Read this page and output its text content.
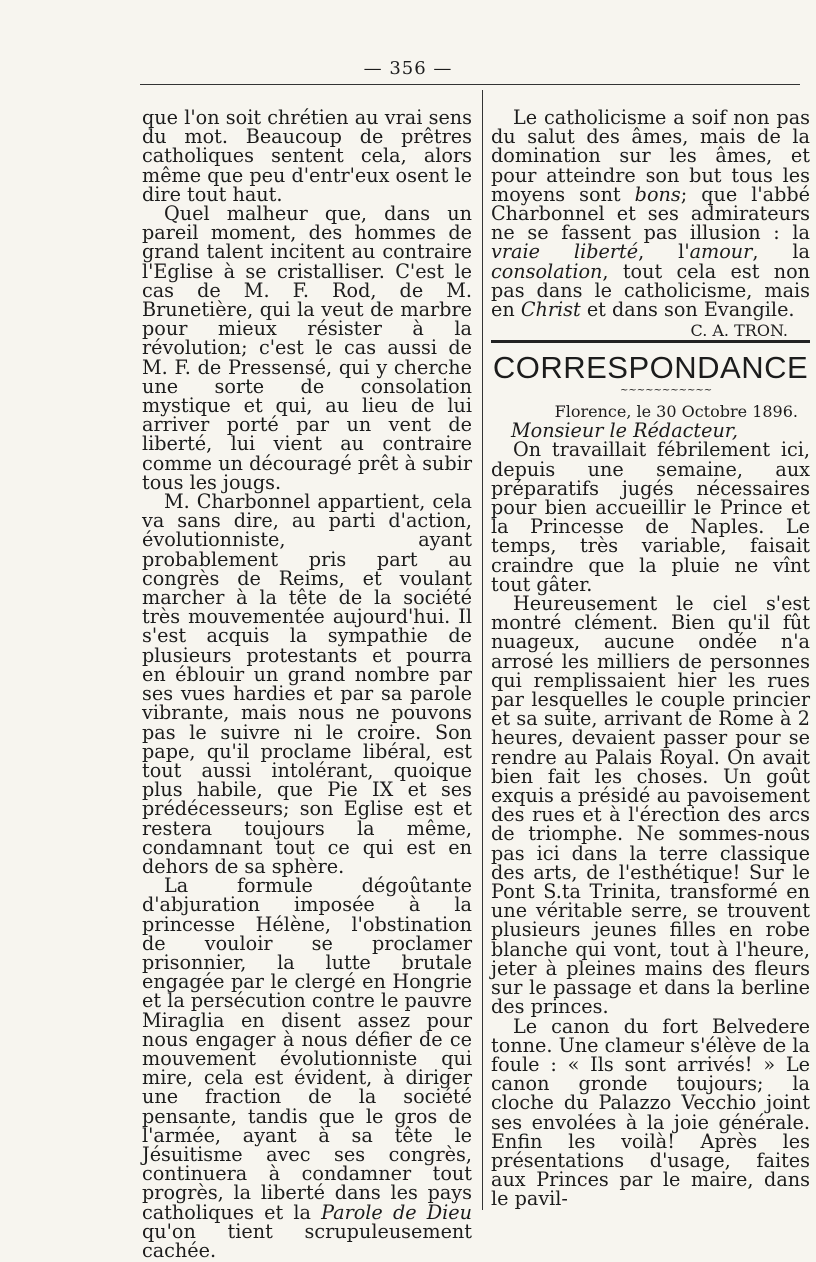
— 356 —

que l'on soit chrétien au vrai sens du mot. Beaucoup de prêtres catholiques sentent cela, alors même que peu d'entr'eux osent le dire tout haut.

Quel malheur que, dans un pareil moment, des hommes de grand talent incitent au contraire l'Eglise à se cristalliser. C'est le cas de M. F. Rod, de M. Brunetière, qui la veut de marbre pour mieux résister à la révolution; c'est le cas aussi de M. F. de Pressensé, qui y cherche une sorte de consolation mystique et qui, au lieu de lui arriver porté par un vent de liberté, lui vient au contraire comme un découragé prêt à subir tous les jougs.

M. Charbonnel appartient, cela va sans dire, au parti d'action, évolutionniste, ayant probablement pris part au congrès de Reims, et voulant marcher à la tête de la société très mouvementée aujourd'hui. Il s'est acquis la sympathie de plusieurs protestants et pourra en éblouir un grand nombre par ses vues hardies et par sa parole vibrante, mais nous ne pouvons pas le suivre ni le croire. Son pape, qu'il proclame libéral, est tout aussi intolérant, quoique plus habile, que Pie IX et ses prédécesseurs; son Eglise est et restera toujours la même, condamnant tout ce qui est en dehors de sa sphère.

La formule dégoûtante d'abjuration imposée à la princesse Hélène, l'obstination de vouloir se proclamer prisonnier, la lutte brutale engagée par le clergé en Hongrie et la persécution contre le pauvre Miraglia en disent assez pour nous engager à nous défier de ce mouvement évolutionniste qui mire, cela est évident, à diriger une fraction de la société pensante, tandis que le gros de l'armée, ayant à sa tête le Jésuitisme avec ses congrès, continuera à condamner tout progrès, la liberté dans les pays catholiques et la Parole de Dieu qu'on tient scrupuleusement cachée.

Le catholicisme a soif non pas du salut des âmes, mais de la domination sur les âmes, et pour atteindre son but tous les moyens sont bons; que l'abbé Charbonnel et ses admirateurs ne se fassent pas illusion : la vraie liberté, l'amour, la consolation, tout cela est non pas dans le catholicisme, mais en Christ et dans son Evangile.

C. A. TRON.

CORRESPONDANCE
~~~~~~~~~~~

Florence, le 30 Octobre 1896.

Monsieur le Rédacteur,

On travaillait fébrilement ici, depuis une semaine, aux préparatifs jugés nécessaires pour bien accueillir le Prince et la Princesse de Naples. Le temps, très variable, faisait craindre que la pluie ne vînt tout gâter.

Heureusement le ciel s'est montré clément. Bien qu'il fût nuageux, aucune ondée n'a arrosé les milliers de personnes qui remplissaient hier les rues par lesquelles le couple princier et sa suite, arrivant de Rome à 2 heures, devaient passer pour se rendre au Palais Royal. On avait bien fait les choses. Un goût exquis a présidé au pavoisement des rues et à l'érection des arcs de triomphe. Ne sommes-nous pas ici dans la terre classique des arts, de l'esthétique! Sur le Pont S.ta Trinita, transformé en une véritable serre, se trouvent plusieurs jeunes filles en robe blanche qui vont, tout à l'heure, jeter à pleines mains des fleurs sur le passage et dans la berline des princes.

Le canon du fort Belvedere tonne. Une clameur s'élève de la foule : « Ils sont arrivés! » Le canon gronde toujours; la cloche du Palazzo Vecchio joint ses envolées à la joie générale. Enfin les voilà! Après les présentations d'usage, faites aux Princes par le maire, dans le pavil-
